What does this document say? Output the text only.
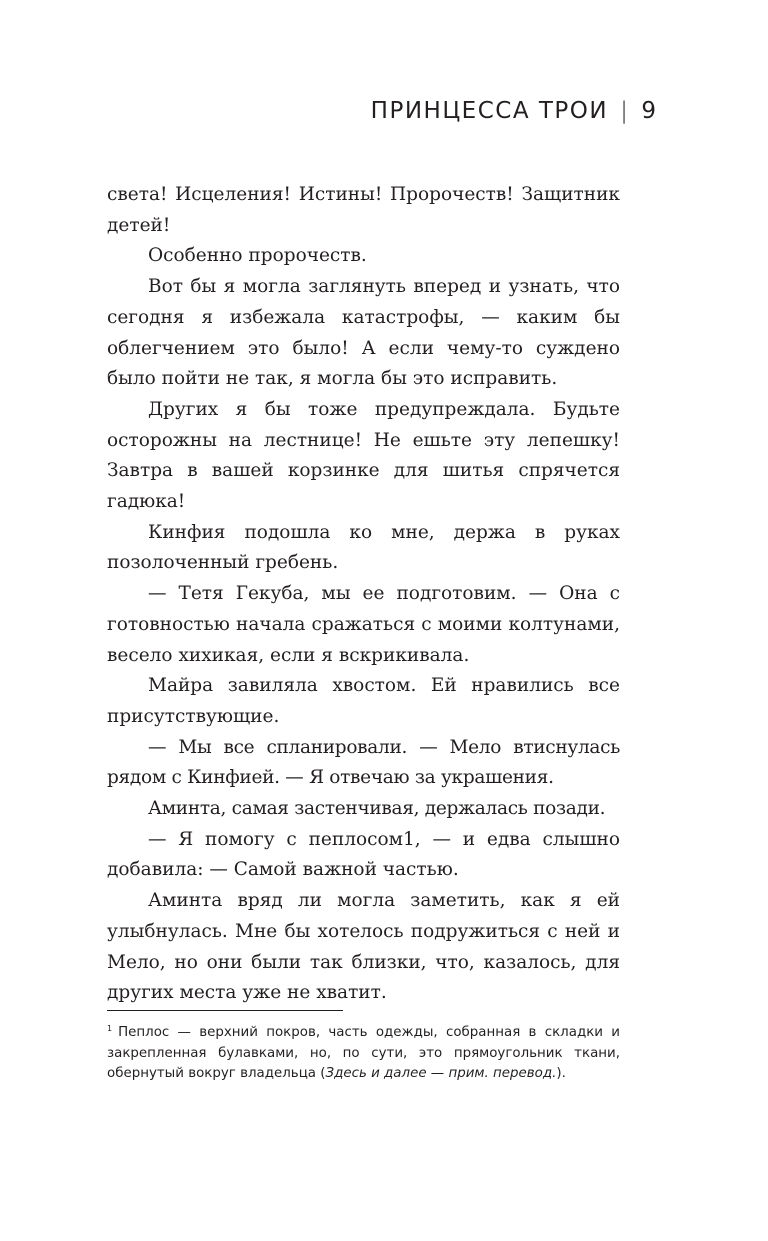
ПРИНЦЕССА ТРОИ | 9

света! Исцеления! Истины! Пророчеств! Защитник детей!

Особенно пророчеств.

Вот бы я могла заглянуть вперед и узнать, что сегодня я избежала катастрофы, — каким бы облегчением это было! А если чему-то суждено было пойти не так, я могла бы это исправить.

Других я бы тоже предупреждала. Будьте осторожны на лестнице! Не ешьте эту лепешку! Завтра в вашей корзинке для шитья спрячется гадюка!

Кинфия подошла ко мне, держа в руках позолоченный гребень.

— Тетя Гекуба, мы ее подготовим. — Она с готовностью начала сражаться с моими колтунами, весело хихикая, если я вскрикивала.

Майра завиляла хвостом. Ей нравились все присутствующие.

— Мы все спланировали. — Мело втиснулась рядом с Кинфией. — Я отвечаю за украшения.

Аминта, самая застенчивая, держалась позади.

— Я помогу с пеплосом1, — и едва слышно добавила: — Самой важной частью.

Аминта вряд ли могла заметить, как я ей улыбнулась. Мне бы хотелось подружиться с ней и Мело, но они были так близки, что, казалось, для других места уже не хватит.

$^1$ Пеплос — верхний покров, часть одежды, собранная в складки и закрепленная булавками, но, по сути, это прямоугольник ткани, обернутый вокруг владельца (Здесь и далее — прим. перевод.).
